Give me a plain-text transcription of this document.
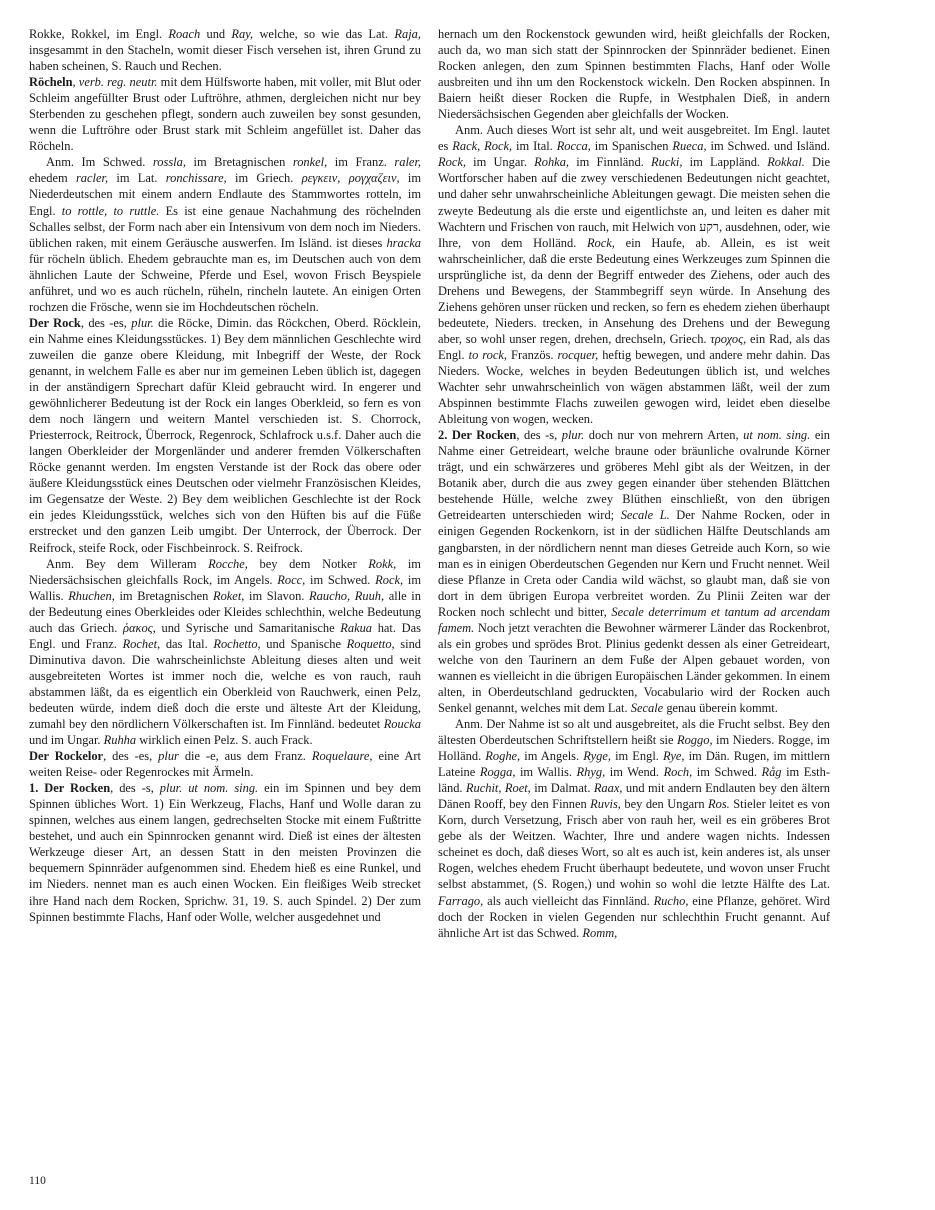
Rokke, Rokkel, im Engl. Roach und Ray, welche, so wie das Lat. Raja, insgesammt in den Stacheln, womit dieser Fisch versehen ist, ihren Grund zu haben scheinen, S. Rauch und Rechen.

Röcheln, verb. reg. neutr. mit dem Hülfsworte haben, mit voller, mit Blut oder Schleim angefüllter Brust oder Luftröhre, athmen, dergleichen nicht nur bey Sterbenden zu geschehen pflegt, sondern auch zuweilen bey sonst gesunden, wenn die Luftröhre oder Brust stark mit Schleim angefüllet ist. Daher das Röcheln.

Anm. Im Schwed. rossla, im Bretagnischen ronkel, im Franz. raler, ehedem racler, im Lat. ronchissare, im Griech. ρεγκειν, ρογχαζειν, im Niederdeutschen mit einem andern Endlaute des Stammwortes rotteln, im Engl. to rottle, to ruttle. Es ist eine genaue Nachahmung des röchelnden Schalles selbst, der Form nach aber ein Intensivum von dem noch im Nieders. üblichen raken, mit einem Geräusche auswerfen. Im Isländ. ist dieses hracka für röcheln üblich. Ehedem gebrauchte man es, im Deutschen auch von dem ähnlichen Laute der Schweine, Pferde und Esel, wovon Frisch Beyspiele anführet, und wo es auch rücheln, rüheln, rincheln lautete. An einigen Orten rochzen die Frösche, wenn sie im Hochdeutschen röcheln.

Der Rock, des -es, plur. die Röcke, Dimin. das Röckchen, Oberd. Röcklein, ein Nahme eines Kleidungsstückes. 1) Bey dem männlichen Geschlechte wird zuweilen die ganze obere Kleidung, mit Inbegriff der Weste, der Rock genannt, in welchem Falle es aber nur im gemeinen Leben üblich ist, dagegen in der anständigern Sprechart dafür Kleid gebraucht wird. In engerer und gewöhnlicherer Bedeutung ist der Rock ein langes Oberkleid, so fern es von dem noch längern und weitern Mantel verschieden ist. S. Chorrock, Priesterrock, Reitrock, Überrock, Regenrock, Schlafrock u.s.f. Daher auch die langen Oberkleider der Morgenländer und anderer fremden Völkerschaften Röcke genannt werden. Im engsten Verstande ist der Rock das obere oder äußere Kleidungsstück eines Deutschen oder vielmehr Französischen Kleides, im Gegensatze der Weste. 2) Bey dem weiblichen Geschlechte ist der Rock ein jedes Kleidungsstück, welches sich von den Hüften bis auf die Füße erstrecket und den ganzen Leib umgibt. Der Unterrock, der Überrock. Der Reifrock, steife Rock, oder Fischbeinrock. S. Reifrock.

Anm. Bey dem Willeram Rocche, bey dem Notker Rokk, im Niedersächsischen gleichfalls Rock, im Angels. Rocc, im Schwed. Rock, im Wallis. Rhuchen, im Bretagnischen Roket, im Slavon. Raucho, Ruuh, alle in der Bedeutung eines Oberkleides oder Kleides schlechthin, welche Bedeutung auch das Griech. ῥακος, und Syrische und Samaritanische Rakua hat. Das Engl. und Franz. Rochet, das Ital. Rochetto, und Spanische Roquetto, sind Diminutiva davon. Die wahrscheinlichste Ableitung dieses alten und weit ausgebreiteten Wortes ist immer noch die, welche es von rauch, rauh abstammen läßt, da es eigentlich ein Oberkleid von Rauchwerk, einen Pelz, bedeuten würde, indem dieß doch die erste und älteste Art der Kleidung, zumahl bey den nördlichern Völkerschaften ist. Im Finnländ. bedeutet Roucka und im Ungar. Ruhha wirklich einen Pelz. S. auch Frack.

Der Rockelor, des -es, plur die -e, aus dem Franz. Roquelaure, eine Art weiten Reise- oder Regenrockes mit Ärmeln.

1. Der Rocken, des -s, plur. ut nom. sing. ein im Spinnen und bey dem Spinnen übliches Wort. 1) Ein Werkzeug, Flachs, Hanf und Wolle daran zu spinnen, welches aus einem langen, gedrechselten Stocke mit einem Fußtritte bestehet, und auch ein Spinnrocken genannt wird. Dieß ist eines der ältesten Werkzeuge dieser Art, an dessen Statt in den meisten Provinzen die bequemern Spinnräder aufgenommen sind. Ehedem hieß es eine Runkel, und im Nieders. nennet man es auch einen Wocken. Ein fleißiges Weib strecket ihre Hand nach dem Rocken, Sprichw. 31, 19. S. auch Spindel. 2) Der zum Spinnen bestimmte Flachs, Hanf oder Wolle, welcher ausgedehnet und

hernach um den Rockenstock gewunden wird, heißt gleichfalls der Rocken, auch da, wo man sich statt der Spinnrocken der Spinnräder bedienet. Einen Rocken anlegen, den zum Spinnen bestimmten Flachs, Hanf oder Wolle ausbreiten und ihn um den Rockenstock wickeln. Den Rocken abspinnen. In Baiern heißt dieser Rocken die Rupfe, in Westphalen Dieß, in andern Niedersächsischen Gegenden aber gleichfalls der Wocken.

Anm. Auch dieses Wort ist sehr alt, und weit ausgebreitet. Im Engl. lautet es Rack, Rock, im Ital. Rocca, im Spanischen Rueca, im Schwed. und Isländ. Rock, im Ungar. Rohka, im Finnländ. Rucki, im Lappländ. Rokkal. Die Wortforscher haben auf die zwey verschiedenen Bedeutungen nicht geachtet, und daher sehr unwahrscheinliche Ableitungen gewagt. Die meisten sehen die zweyte Bedeutung als die erste und eigentlichste an, und leiten es daher mit Wachtern und Frischen von rauch, mit Helwich von רקע, ausdehnen, oder, wie Ihre, von dem Holländ. Rock, ein Haufe, ab. Allein, es ist weit wahrscheinlicher, daß die erste Bedeutung eines Werkzeuges zum Spinnen die ursprüngliche ist, da denn der Begriff entweder des Ziehens, oder auch des Drehens und Bewegens, der Stammbegriff seyn würde. In Ansehung des Ziehens gehören unser rücken und recken, so fern es ehedem ziehen überhaupt bedeutete, Nieders. trecken, in Ansehung des Drehens und der Bewegung aber, so wohl unser regen, drehen, drechseln, Griech. τροχος, ein Rad, als das Engl. to rock, Französ. rocquer, heftig bewegen, und andere mehr dahin. Das Nieders. Wocke, welches in beyden Bedeutungen üblich ist, und welches Wachter sehr unwahrscheinlich von wägen abstammen läßt, weil der zum Abspinnen bestimmte Flachs zuweilen gewogen wird, leidet eben dieselbe Ableitung von wogen, wecken.

2. Der Rocken, des -s, plur. doch nur von mehrern Arten, ut nom. sing. ein Nahme einer Getreideart, welche braune oder bräunliche ovalrunde Körner trägt, und ein schwärzeres und gröberes Mehl gibt als der Weitzen, in der Botanik aber, durch die aus zwey gegen einander über stehenden Blättchen bestehende Hülle, welche zwey Blüthen einschließt, von den übrigen Getreidearten unterschieden wird; Secale L. Der Nahme Rocken, oder in einigen Gegenden Rockenkorn, ist in der südlichen Hälfte Deutschlands am gangbarsten, in der nördlichern nennt man dieses Getreide auch Korn, so wie man es in einigen Oberdeutschen Gegenden nur Kern und Frucht nennet. Weil diese Pflanze in Creta oder Candia wild wächst, so glaubt man, daß sie von dort in dem übrigen Europa verbreitet worden. Zu Plinii Zeiten war der Rocken noch schlecht und bitter, Secale deterrimum et tantum ad arcendam famem. Noch jetzt verachten die Bewohner wärmerer Länder das Rockenbrot, als ein grobes und sprödes Brot. Plinius gedenkt dessen als einer Getreideart, welche von den Taurinern an dem Fuße der Alpen gebauet worden, von wannen es vielleicht in die übrigen Europäischen Länder gekommen. In einem alten, in Oberdeutschland gedruckten, Vocabulario wird der Rocken auch Senkel genannt, welches mit dem Lat. Secale genau überein kommt.

Anm. Der Nahme ist so alt und ausgebreitet, als die Frucht selbst. Bey den ältesten Oberdeutschen Schriftstellern heißt sie Roggo, im Nieders. Rogge, im Holländ. Roghe, im Angels. Ryge, im Engl. Rye, im Dän. Rugen, im mittlern Lateine Rogga, im Wallis. Rhyg, im Wend. Roch, im Schwed. Råg im Esthländ. Ruchit, Roet, im Dalmat. Raax, und mit andern Endlauten bey den ältern Dänen Rooff, bey den Finnen Ruvis, bey den Ungarn Ros. Stieler leitet es von Korn, durch Versetzung, Frisch aber von rauh her, weil es ein gröberes Brot gebe als der Weitzen. Wachter, Ihre und andere wagen nichts. Indessen scheinet es doch, daß dieses Wort, so alt es auch ist, kein anderes ist, als unser Rogen, welches ehedem Frucht überhaupt bedeutete, und wovon unser Frucht selbst abstammet, (S. Rogen,) und wohin so wohl die letzte Hälfte des Lat. Farrago, als auch vielleicht das Finnländ. Rucho, eine Pflanze, gehöret. Wird doch der Rocken in vielen Gegenden nur schlechthin Frucht genannt. Auf ähnliche Art ist das Schwed. Romm,

110
